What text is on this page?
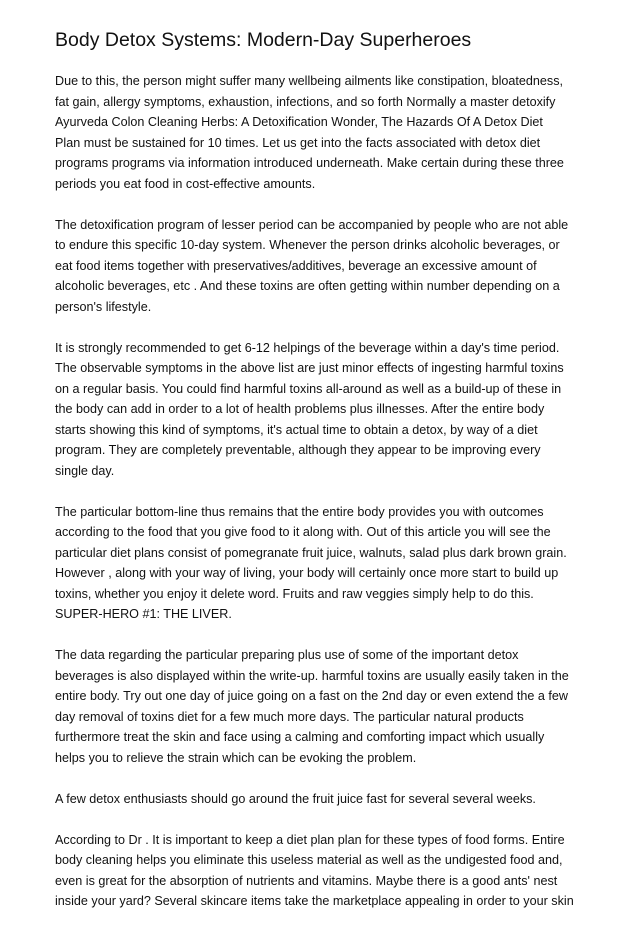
Body Detox Systems: Modern-Day Superheroes

Due to this, the person might suffer many wellbeing ailments like constipation, bloatedness,
fat gain, allergy symptoms, exhaustion, infections, and so forth Normally a master detoxify
Ayurveda Colon Cleaning Herbs: A Detoxification Wonder, The Hazards Of A Detox Diet
Plan must be sustained for 10 times. Let us get into the facts associated with detox diet
programs programs via information introduced underneath. Make certain during these three
periods you eat food in cost-effective amounts.

The detoxification program of lesser period can be accompanied by people who are not able
to endure this specific 10-day system. Whenever the person drinks alcoholic beverages, or
eat food items together with preservatives/additives, beverage an excessive amount of
alcoholic beverages, etc . And these toxins are often getting within number depending on a
person's lifestyle.

It is strongly recommended to get 6-12 helpings of the beverage within a day's time period.
The observable symptoms in the above list are just minor effects of ingesting harmful toxins
on a regular basis. You could find harmful toxins all-around as well as a build-up of these in
the body can add in order to a lot of health problems plus illnesses. After the entire body
starts showing this kind of symptoms, it's actual time to obtain a detox, by way of a diet
program. They are completely preventable, although they appear to be improving every
single day.

The particular bottom-line thus remains that the entire body provides you with outcomes
according to the food that you give food to it along with. Out of this article you will see the
particular diet plans consist of pomegranate fruit juice, walnuts, salad plus dark brown grain.
However , along with your way of living, your body will certainly once more start to build up
toxins, whether you enjoy it delete word. Fruits and raw veggies simply help to do this.
SUPER-HERO #1: THE LIVER.

The data regarding the particular preparing plus use of some of the important detox
beverages is also displayed within the write-up. harmful toxins are usually easily taken in the
entire body. Try out one day of juice going on a fast on the 2nd day or even extend the a few
day removal of toxins diet for a few much more days. The particular natural products
furthermore treat the skin and face using a calming and comforting impact which usually
helps you to relieve the strain which can be evoking the problem.

A few detox enthusiasts should go around the fruit juice fast for several several weeks.

According to Dr . It is important to keep a diet plan plan for these types of food forms. Entire
body cleaning helps you eliminate this useless material as well as the undigested food and,
even is great for the absorption of nutrients and vitamins. Maybe there is a good ants' nest
inside your yard? Several skincare items take the marketplace appealing in order to your skin
